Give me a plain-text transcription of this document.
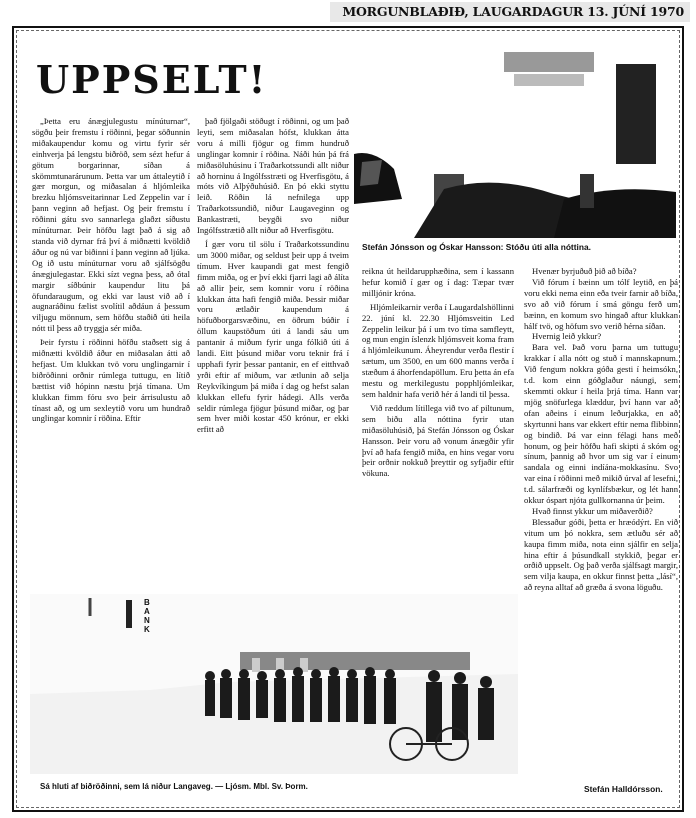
MORGUNBLAÐIÐ, LAUGARDAGUR 13. JÚNÍ 1970
UPPSELT!

„Þetta eru ánægjulegustu mínúturnar“, sögðu þeir fremstu í röðinni, þegar söðunnin miðakaupendur komu og virtu fyrir sér einhverja þá lengstu biðröð, sem sézt hefur á götum borgarinnar, síðan á skömmtunarárunum. Þetta var um áttaleytið í gær morgun, og miðasalan á hljómleika brezku hljómsveitarinnar Led Zeppelin var í þann veginn að hefjast. Og þeir fremstu í röðinni gátu svo sannarlega glaðzt síðustu mínúturnar. Þeir höfðu lagt það á sig að standa við dyrnar frá því á miðnætti kvöldið áður og nú var biðinni í þann veginn að ljúka. Og ið ustu mínúturnar voru að sjálfsögðu ánægjulegastar. Ekki sízt vegna þess, að ótal margir síðbúnir kaupendur litu þá öfundaraugum, og ekki var laust við að í augnaráðinu fælist svolítil aðdáun á þessum viljugu mönnum, sem höfðu staðið úti heila nótt til þess að tryggja sér miða.

Þeir fyrstu í röðinni höfðu staðsett sig á miðnætti kvöldið áður en miðasalan átti að hefjast. Um klukkan tvö voru unglingarnir í biðröðinni orðnir rúmlega tuttugu, en lítið bættist við hópinn næstu þrjá tímana. Um klukkan fimm fóru svo þeir árrisulustu að tínast að, og um sexleytið voru um hundrað unglingar komnir í röðina. Eftir

það fjölgaði stöðugt í röðinni, og um það leyti, sem miðasalan hófst, klukkan átta voru á milli fjögur og fimm hundruð unglingar komnir í röðina. Náði hún þá frá miðasöluhúsinu í Traðarkotssundi allt niður að horninu á Ingólfsstræti og Hverfisgötu, á móts við Alþýðuhúsið. En þó ekki styttu leið. Röðin lá nefnilega upp Traðarkotssundið, niður Laugaveginn og Bankastræti, beygði svo niður Ingólfsstrætið allt niður að Hverfisgötu.

Í gær voru til sölu í Traðarkotssundinu um 3000 miðar, og seldust þeir upp á tveim tímum. Hver kaupandi gat mest fengið fimm miða, og er því ekki fjarri lagi að álíta að allir þeir, sem komnir voru í röðina klukkan átta hafi fengið miða. Þessir miðar voru ætlaðir kaupendum á höfuðborgarsvæðinu, en öðrum búðir í öllum kaupstöðum úti á landi sáu um pantanir á miðum fyrir unga fólkið úti á landi. Eitt þúsund miðar voru teknir frá í upphafi fyrir þessar pantanir, en ef eitthvað yrði eftir af miðum, var ætlunin að selja Reykvíkingum þá miða í dag og hefst salan klukkan ellefu fyrir hádegi. Alls verða seldir rúmlega fjögur þúsund miðar, og þar sem hver miði kostar 450 krónur, er ekki erfitt að

Stefán Jónsson og Óskar Hansson: Stóðu úti alla nóttina.

reikna út heildarupphæðina, sem í kassann hefur komið í gær og í dag: Tæpar tvær milljónir króna.

Hljómleikarnir verða í Laugardalshöllinni 22. júní kl. 22.30 Hljómsveitin Led Zeppelin leikur þá í um tvo tíma samfleytt, og mun engin íslenzk hljómsveit koma fram á hljómleikunum. Áheyrendur verða flestir í sætum, um 3500, en um 600 manns verða í stæðum á áhorfendapöllum. Eru þetta án efa mestu og merkilegustu popphljómleikar, sem haldnir hafa verið hér á landi til þessa.

Við ræddum lítillega við tvo af piltunum, sem biðu alla nóttina fyrir utan miðasöluhúsið, þá Stefán Jónsson og Óskar Hansson. Þeir voru að vonum ánægðir yfir því að hafa fengið miða, en hins vegar voru þeir orðnir nokkuð þreyttir og syfjaðir eftir vökuna.

Hvenær byrjuðuð þið að bíða?

Við fórum í bæinn um tólf leytið, en þá voru ekki nema einn eða tveir farnir að bíða, svo að við fórum í smá göngu ferð um bæinn, en komum svo hingað aftur klukkan hálf tvö, og höfum svo verið hérna síðan.

Hvernig leið ykkur?

Bara vel. Það voru þarna um tuttugu krakkar í alla nótt og stuð í mannskapnum. Við fengum nokkra góða gesti í heimsókn, t.d. kom einn góðglaður náungi, sem skemmti okkur í heila þrjá tíma. Hann var mjög snöfurlega klæddur, því hann var að ofan aðeins í einum leðurjakka, en að skyrtunni hans var ekkert eftir nema flibbinn og bindið. Þá var einn félagi hans með honum, og þeir höfðu hafi skipti á skóm og sínum, þannig að hvor um sig var í einum sandala og einni indíána-mokkasínu. Svo var eina í röðinni með mikið úrval af lesefni, t.d. sálarfræði og kynlífsbækur, og lét hann okkur óspart njóta gullkornanna úr þeim.

Hvað finnst ykkur um miðaverðið?

Blessaður góði, þetta er hræódýrt. En við vitum um þó nokkra, sem ætluðu sér að kaupa fimm miða, nota einn sjálfir en selja hina eftir á þúsundkall stykkið, þegar er orðið uppselt. Og það verða sjálfsagt margir, sem vilja kaupa, en okkur finnst þetta „lásí“, að reyna alltaf að græða á svona löguðu.

BANK
Sá hluti af biðröðinni, sem lá niður Langaveg. — Ljósm. Mbl. Sv. Þorm.	Stefán Halldórsson.
